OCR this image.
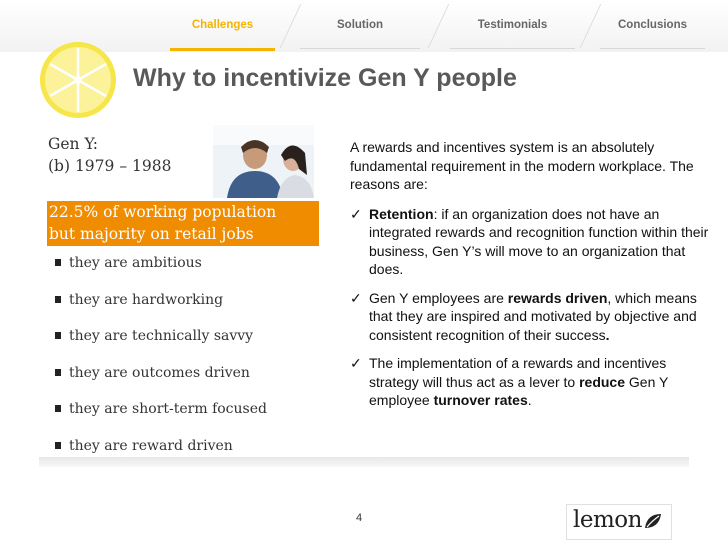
Challenges	Solution	Testimonials	Conclusions
Why to incentivize Gen Y people
Gen Y:
(b) 1979 – 1988
22.5% of working population
but majority on retail jobs
they are ambitious
they are hardworking
they are technically savvy
they are outcomes driven
they are short-term focused
they are reward driven

A rewards and incentives system is an absolutely fundamental requirement in the modern workplace. The reasons are:

✓ Retention: if an organization does not have an integrated rewards and recognition function within their business, Gen Y’s will move to an organization that does.
✓ Gen Y employees are rewards driven, which means that they are inspired and motivated by objective and consistent recognition of their success.
✓ The implementation of a rewards and incentives strategy will thus act as a lever to reduce Gen Y employee turnover rates.
4	lemon
